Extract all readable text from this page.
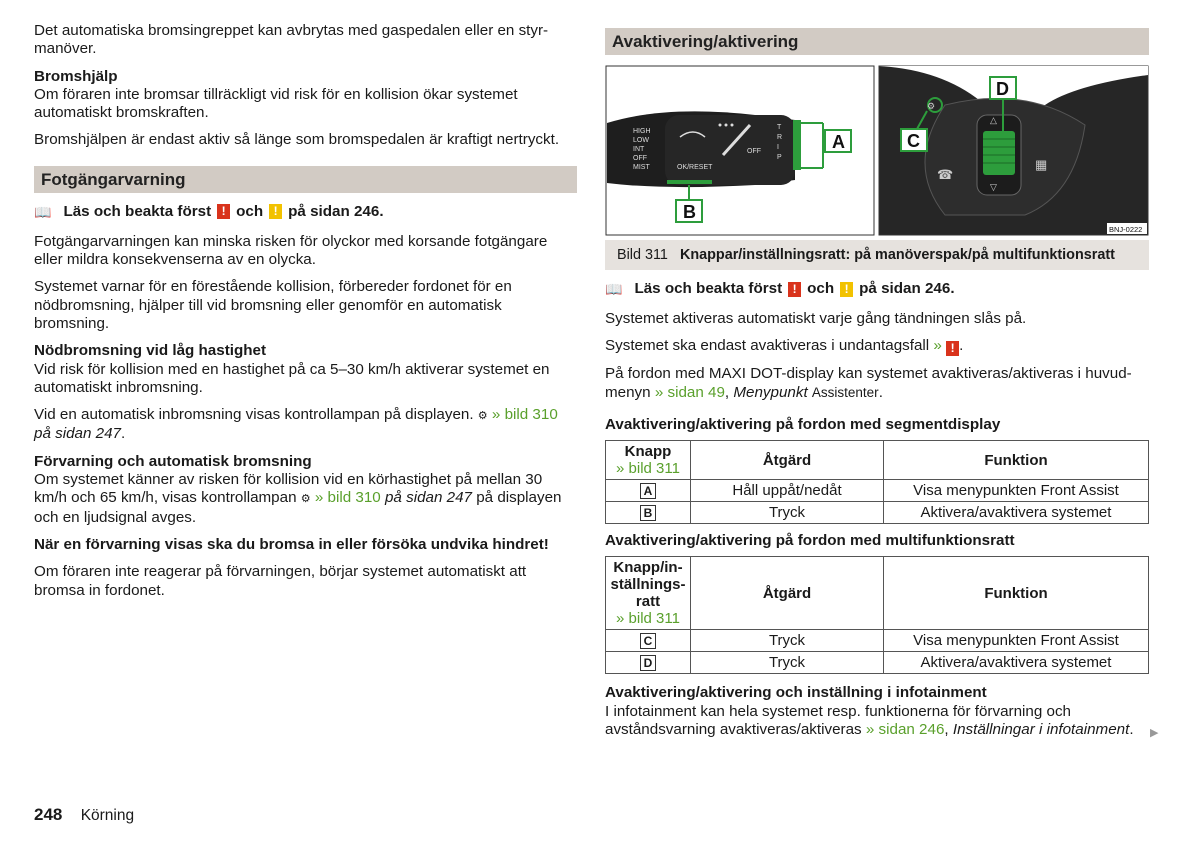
Det automatiska bromsingreppet kan avbrytas med gaspedalen eller en styr-manöver.

Bromshjälp

Om föraren inte bromsar tillräckligt vid risk för en kollision ökar systemet automatiskt bromskraften.

Bromshjälpen är endast aktiv så länge som bromspedalen är kraftigt nertryckt.

Fotgängarvarning
📖 Läs och beakta först ! och ! på sidan 246.

Fotgängarvarningen kan minska risken för olyckor med korsande fotgängare eller mildra konsekvenserna av en olycka.

Systemet varnar för en förestående kollision, förbereder fordonet för en nödbromsning, hjälper till vid bromsning eller genomför en automatisk bromsning.

Nödbromsning vid låg hastighet

Vid risk för kollision med en hastighet på ca 5–30 km/h aktiverar systemet en automatiskt inbromsning.

Vid en automatisk inbromsning visas kontrollampan på displayen. ⚙ » bild 310 på sidan 247.

Förvarning och automatisk bromsning

Om systemet känner av risken för kollision vid en körhastighet på mellan 30 km/h och 65 km/h, visas kontrollampan ⚙ » bild 310 på sidan 247 på displayen och en ljudsignal avges.

När en förvarning visas ska du bromsa in eller försöka undvika hindret!

Om föraren inte reagerar på förvarningen, börjar systemet automatiskt att bromsa in fordonet.

Avaktivering/aktivering
HIGH
LOW
INT
OFF
MIST	OK/RESET
OFF
T
R
I
P
A
B
△
▽
⚙
☎
▦
C
D
BNJ-0222
Bild 311 Knappar/inställningsratt: på manöverspak/på multifunktionsratt
📖 Läs och beakta först ! och ! på sidan 246.

Systemet aktiveras automatiskt varje gång tändningen slås på.

Systemet ska endast avaktiveras i undantagsfall » ! .

På fordon med MAXI DOT-display kan systemet avaktiveras/aktiveras i huvud-menyn » sidan 49, Menypunkt Assistenter.

Avaktivering/aktivering på fordon med segmentdisplay

Knapp
» bild 311	Åtgärd	Funktion
A	Håll uppåt/nedåt	Visa menypunkten Front Assist
B	Tryck	Aktivera/avaktivera systemet

Avaktivering/aktivering på fordon med multifunktionsratt

Knapp/in-
ställnings-
ratt
» bild 311	Åtgärd	Funktion
C	Tryck	Visa menypunkten Front Assist
D	Tryck	Aktivera/avaktivera systemet

Avaktivering/aktivering och inställning i infotainment

I infotainment kan hela systemet resp. funktionerna för förvarning och avståndsvarning avaktiveras/aktiveras » sidan 246, Inställningar i infotainment.	▶
248 Körning
